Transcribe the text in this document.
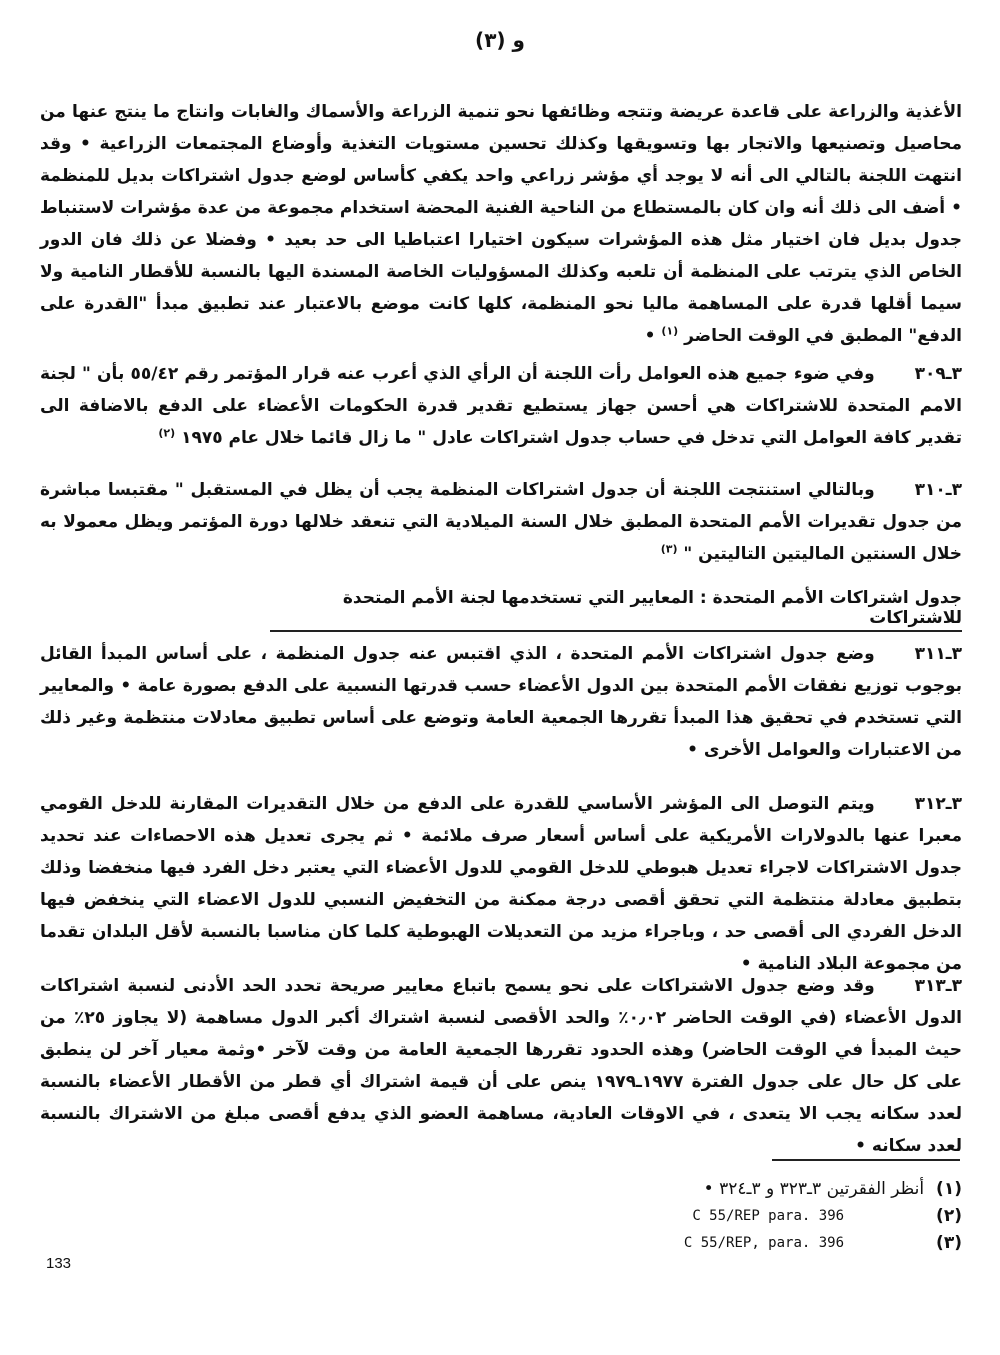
و (٣)

الأغذية والزراعة على قاعدة عريضة وتتجه وظائفها نحو تنمية الزراعة والأسماك والغابات وانتاج ما ينتج عنها من محاصيل وتصنيعها والاتجار بها وتسويقها وكذلك تحسين مستويات التغذية وأوضاع المجتمعات الزراعية • وقد انتهت اللجنة بالتالي الى أنه لا يوجد أي مؤشر زراعي واحد يكفي كأساس لوضع جدول اشتراكات بديل للمنظمة • أضف الى ذلك أنه وان كان بالمستطاع من الناحية الفنية المحضة استخدام مجموعة من عدة مؤشرات لاستنباط جدول بديل فان اختيار مثل هذه المؤشرات سيكون اختيارا اعتباطيا الى حد بعيد • وفضلا عن ذلك فان الدور الخاص الذي يترتب على المنظمة أن تلعبه وكذلك المسؤوليات الخاصة المسندة اليها بالنسبة للأقطار النامية ولا سيما أقلها قدرة على المساهمة ماليا نحو المنظمة، كلها كانت موضع بالاعتبار عند تطبيق مبدأ "القدرة على الدفع" المطبق في الوقت الحاضر $^{(١)}$ •

٣ـ٣٠٩وفي ضوء جميع هذه العوامل رأت اللجنة أن الرأي الذي أعرب عنه قرار المؤتمر رقم ٥٥/٤٢ بأن " لجنة الامم المتحدة للاشتراكات هي أحسن جهاز يستطيع تقدير قدرة الحكومات الأعضاء على الدفع بالاضافة الى تقدير كافة العوامل التي تدخل في حساب جدول اشتراكات عادل " ما زال قائما خلال عام ١٩٧٥ $^{(٢)}$

٣ـ٣١٠وبالتالي استنتجت اللجنة أن جدول اشتراكات المنظمة يجب أن يظل في المستقبل " مقتبسا مباشرة من جدول تقديرات الأمم المتحدة المطبق خلال السنة الميلادية التي تنعقد خلالها دورة المؤتمر ويظل معمولا به خلال السنتين الماليتين التاليتين " $^{(٣)}$

جدول اشتراكات الأمم المتحدة : المعايير التي تستخدمها لجنة الأمم المتحدة للاشتراكات

٣ـ٣١١وضع جدول اشتراكات الأمم المتحدة ، الذي اقتبس عنه جدول المنظمة ، على أساس المبدأ القائل بوجوب توزيع نفقات الأمم المتحدة بين الدول الأعضاء حسب قدرتها النسبية على الدفع بصورة عامة • والمعايير التي تستخدم في تحقيق هذا المبدأ تقررها الجمعية العامة وتوضع على أساس تطبيق معادلات منتظمة وغير ذلك من الاعتبارات والعوامل الأخرى •

٣ـ٣١٢ويتم التوصل الى المؤشر الأساسي للقدرة على الدفع من خلال التقديرات المقارنة للدخل القومي معبرا عنها بالدولارات الأمريكية على أساس أسعار صرف ملائمة • ثم يجرى تعديل هذه الاحصاءات عند تحديد جدول الاشتراكات لاجراء تعديل هبوطي للدخل القومي للدول الأعضاء التي يعتبر دخل الفرد فيها منخفضا وذلك بتطبيق معادلة منتظمة التي تحقق أقصى درجة ممكنة من التخفيض النسبي للدول الاعضاء التي ينخفض فيها الدخل الفردي الى أقصى حد ، وباجراء مزيد من التعديلات الهبوطية كلما كان مناسبا بالنسبة لأقل البلدان تقدما من مجموعة البلاد النامية •

٣ـ٣١٣وقد وضع جدول الاشتراكات على نحو يسمح باتباع معايير صريحة تحدد الحد الأدنى لنسبة اشتراكات الدول الأعضاء (في الوقت الحاضر ٠٫٠٢٪ والحد الأقصى لنسبة اشتراك أكبر الدول مساهمة (لا يجاوز ٢٥٪ من حيث المبدأ في الوقت الحاضر) وهذه الحدود تقررها الجمعية العامة من وقت لآخر •وثمة معيار آخر لن ينطبق على كل حال على جدول الفترة ١٩٧٧ـ١٩٧٩ ينص على أن قيمة اشتراك أي قطر من الأقطار الأعضاء بالنسبة لعدد سكانه يجب الا يتعدى ، في الاوقات العادية، مساهمة العضو الذي يدفع أقصى مبلغ من الاشتراك بالنسبة لعدد سكانه •

(١)
أنظر الفقرتين ٣ـ٣٢٣ و ٣ـ٣٢٤ •
(٢)
C 55/REP para. 396
(٣)
C 55/REP, para. 396
133
